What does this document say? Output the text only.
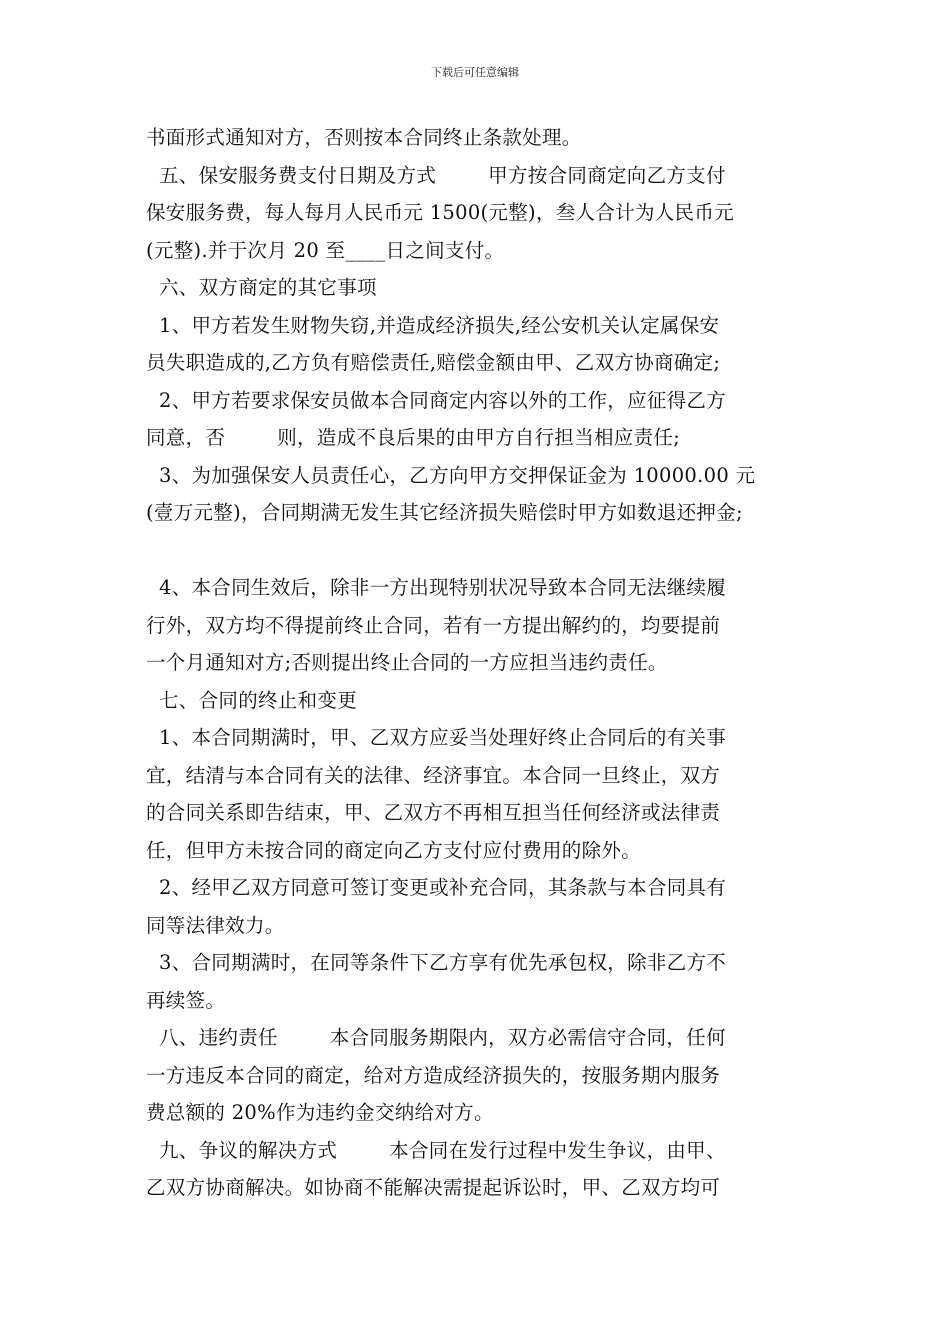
下载后可任意编辑
书面形式通知对方，否则按本合同终止条款处理。
五、保安服务费支付日期及方式        甲方按合同商定向乙方支付
保安服务费，每人每月人民币元 1500(元整)，叁人合计为人民币元
(元整).并于次月 20 至____日之间支付。
六、双方商定的其它事项
1、甲方若发生财物失窃,并造成经济损失,经公安机关认定属保安
员失职造成的,乙方负有赔偿责任,赔偿金额由甲、乙双方协商确定;
2、甲方若要求保安员做本合同商定内容以外的工作，应征得乙方
同意，否        则，造成不良后果的由甲方自行担当相应责任;
3、为加强保安人员责任心，乙方向甲方交押保证金为 10000.00 元
(壹万元整)，合同期满无发生其它经济损失赔偿时甲方如数退还押金;
4、本合同生效后，除非一方出现特别状况导致本合同无法继续履
行外，双方均不得提前终止合同，若有一方提出解约的，均要提前
一个月通知对方;否则提出终止合同的一方应担当违约责任。
七、合同的终止和变更
1、本合同期满时，甲、乙双方应妥当处理好终止合同后的有关事
宜，结清与本合同有关的法律、经济事宜。本合同一旦终止，双方
的合同关系即告结束，甲、乙双方不再相互担当任何经济或法律责
任，但甲方未按合同的商定向乙方支付应付费用的除外。
2、经甲乙双方同意可签订变更或补充合同，其条款与本合同具有
同等法律效力。
3、合同期满时，在同等条件下乙方享有优先承包权，除非乙方不
再续签。
八、违约责任        本合同服务期限内，双方必需信守合同，任何
一方违反本合同的商定，给对方造成经济损失的，按服务期内服务
费总额的 20%作为违约金交纳给对方。
九、争议的解决方式        本合同在发行过程中发生争议，由甲、
乙双方协商解决。如协商不能解决需提起诉讼时，甲、乙双方均可
